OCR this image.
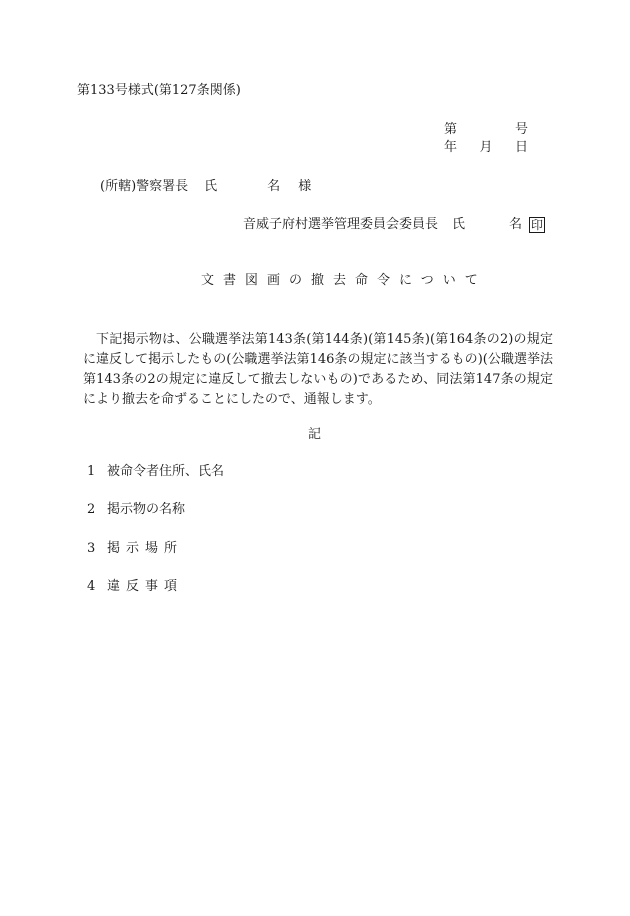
第133号様式(第127条関係)
第	号
年 月 日
(所轄)警察署長 氏	名 様
音威子府村選挙管理委員会委員長 氏	名 印
文書図画の撤去命令について
下記掲示物は、公職選挙法第143条(第144条)(第145条)(第164条の2)の規定に違反して掲示したもの(公職選挙法第146条の規定に該当するもの)(公職選挙法第143条の2の規定に違反して撤去しないもの)であるため、同法第147条の規定により撤去を命ずることにしたので、通報します。
記
1 被命令者住所、氏名
2 掲示物の名称
3 掲示場所
4 違反事項
